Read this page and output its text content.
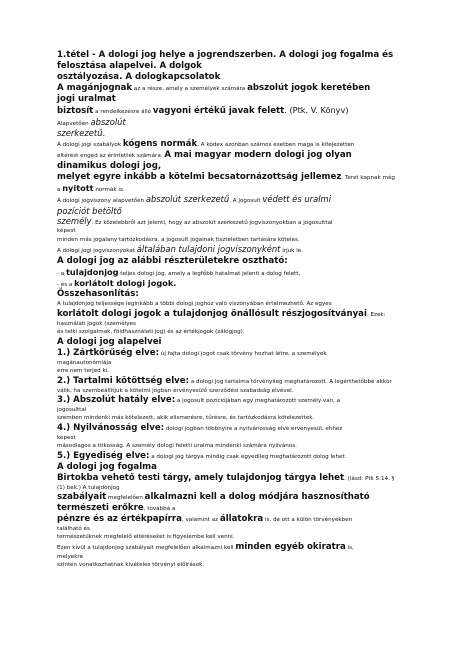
1.tétel - A dologi jog helye a jogrendszerben. A dologi jog fogalma és
felosztása alapelvei. A dolgok
osztályozása. A dologkapcsolatok
A magánjognak az a része, amely a személyek számára abszolút jogok keretében
jogi uralmat
biztosít a rendelkezésre álló vagyoni értékű javak felett. (Ptk. V. Könyv)
Alapvetően abszolút
szerkezetű.
A dologi jogi szabályok kógens normák. A kódex azonban számos esetben maga is kifejezetten
eltérést enged az érintettek számára. A mai magyar modern dologi jog olyan
dinamikus dologi jog,
melyet egyre inkább a kötelmi becsatornázottság jellemez. Teret kapnak még
a nyitott normák is.
A dologi jogviszony alapvetően abszolút szerkezetű. A jogosult védett és uralmi
pozíciót betöltő
személy. Ez közelebbről azt jelenti, hogy az abszolút szerkezetű jogviszonyokban a jogosulttal
képest
minden más jogalany tartózkodásra, a jogosult jogainak tiszteletben tartására köteles.
A dologi jogi jogviszonyokat általában tulajdoni jogviszonyként írjuk le.
A dologi jog az alábbi részterületekre osztható:
- a tulajdonjog teljes dologi jog, amely a legfőbb hatalmat jelenti a dolog felett,
- és a korlátolt dologi jogok.
Összehasonlítás:
A tulajdonjog teljessége leginkább a többi dologi joghoz való viszonyában értelmezhető. Az egyes
korlátolt dologi jogok a tulajdonjog önállósult részjogosítványai. Ezek:
használati jogok (személyes
és telki szolgalmak, földhasználati jog) és az értékjogok (zálogjog).
A dologi jog alapelvei
1.) Zártkörűség elve: új fajta dologi jogot csak törvény hozhat létre, a személyek
magánautonómiája
erre nem terjed ki.
2.) Tartalmi kötöttség elve: a dologi jog tartalma törvényileg meghatározott. A legérthetőbbé akkor
válik, ha szembeállítjuk a kötelmi jogban érvényesülő szerződési szabadság elvével.
3.) Abszolút hatály elve: a jogosult pozíciójában egy meghatározott személy van, a
jogosulttal
szemben mindenki más kötelezett, akik elismerésre, tűrésre, és tartózkodásra kötelezettek.
4.) Nyilvánosság elve: dologi jogban többnyire a nyilvánosság elve érvényesül, ehhez
képest
másodlagos a titkosság. A személy dologi feletti uralma mindenki számára nyilvános.
5.) Egyediség elve: a dologi jog tárgya mindig csak egyedileg meghatározott dolog lehet.
A dologi jog fogalma
Birtokba vehető testi tárgy, amely tulajdonjog tárgya lehet. (lásd: Ptk 5:14. §
(1) bek.) A tulajdonjog
szabályait megfelelően alkalmazni kell a dolog módjára hasznosítható
természeti erőkre, továbbá a
pénzre és az értékpapírra, valamint az állatokra is, de ott a külön törvényekben
található és
természetüknek megfelelő eltéréseket is figyelembe kell venni.
Ezen kívül a tulajdonjog szabályait megfelelően alkalmazni kell minden egyéb okiratra is,
melyekre
szintén vonatkozhatnak kivételes törvényi előírások.
